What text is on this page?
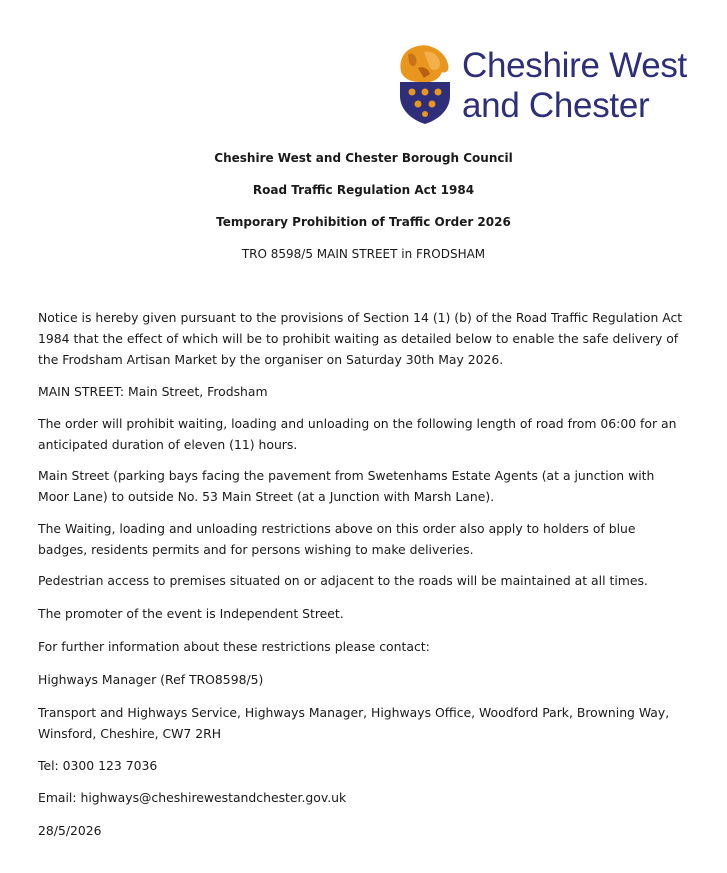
Cheshire West
and Chester
Cheshire West and Chester Borough Council
Road Traffic Regulation Act 1984
Temporary Prohibition of Traffic Order 2026
TRO 8598/5 MAIN STREET in FRODSHAM

Notice is hereby given pursuant to the provisions of Section 14 (1) (b) of the Road Traffic Regulation Act 1984 that the effect of which will be to prohibit waiting as detailed below to enable the safe delivery of the Frodsham Artisan Market by the organiser on Saturday 30th May 2026.

MAIN STREET: Main Street, Frodsham

The order will prohibit waiting, loading and unloading on the following length of road from 06:00 for an anticipated duration of eleven (11) hours.

Main Street (parking bays facing the pavement from Swetenhams Estate Agents (at a junction with Moor Lane) to outside No. 53 Main Street (at a Junction with Marsh Lane).

The Waiting, loading and unloading restrictions above on this order also apply to holders of blue badges, residents permits and for persons wishing to make deliveries.

Pedestrian access to premises situated on or adjacent to the roads will be maintained at all times.

The promoter of the event is Independent Street.

For further information about these restrictions please contact:

Highways Manager (Ref TRO8598/5)

Transport and Highways Service, Highways Manager, Highways Office, Woodford Park, Browning Way, Winsford, Cheshire, CW7 2RH

Tel: 0300 123 7036

Email: highways@cheshirewestandchester.gov.uk

28/5/2026
